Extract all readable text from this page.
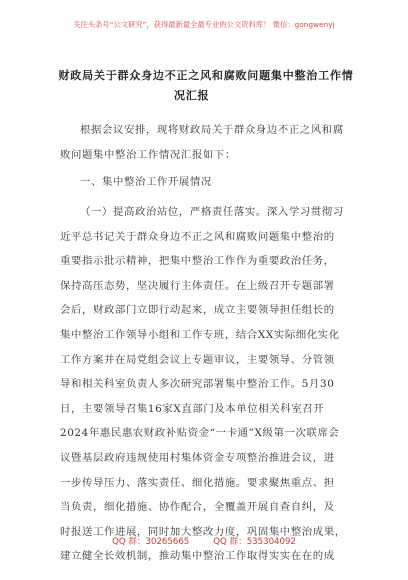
关注头条号“公文研究”，获得最新最全最专业的公文资料库！ 微信：gongwenyj
财政局关于群众身边不正之风和腐败问题集中整治工作情
况汇报
根据会议安排，现将财政局关于群众身边不正之风和腐
败问题集中整治工作情况汇报如下：
一、集中整治工作开展情况
（一）提高政治站位，严格责任落实。深入学习贯彻习
近平总书记关于群众身边不正之风和腐败问题集中整治的
重要指示批示精神，把集中整治工作作为重要政治任务，
保持高压态势，坚决履行主体责任。在上级召开专题部署
会后，财政部门立即行动起来，成立主要领导担任组长的
集中整治工作领导小组和工作专班，结合XX实际细化实化
工作方案并在局党组会议上专题审议，主要领导、分管领
导和相关科室负责人多次研究部署集中整治工作。5月30
日，主要领导召集16家X直部门及本单位相关科室召开
2024年惠民惠农财政补贴资金“一卡通”X级第一次联席会
议暨基层政府违规使用村集体资金专项整治推进会议，进
一步传导压力、落实责任、细化措施。要求聚焦重点、担
当负责，细化措施、协作配合，全覆盖开展自查自纠，及
时报送工作进展，同时加大整改力度，巩固集中整治成果，
建立健全长效机制，推动集中整治工作取得实实在在的成
QQ 群：30265665	QQ 群：535304092
